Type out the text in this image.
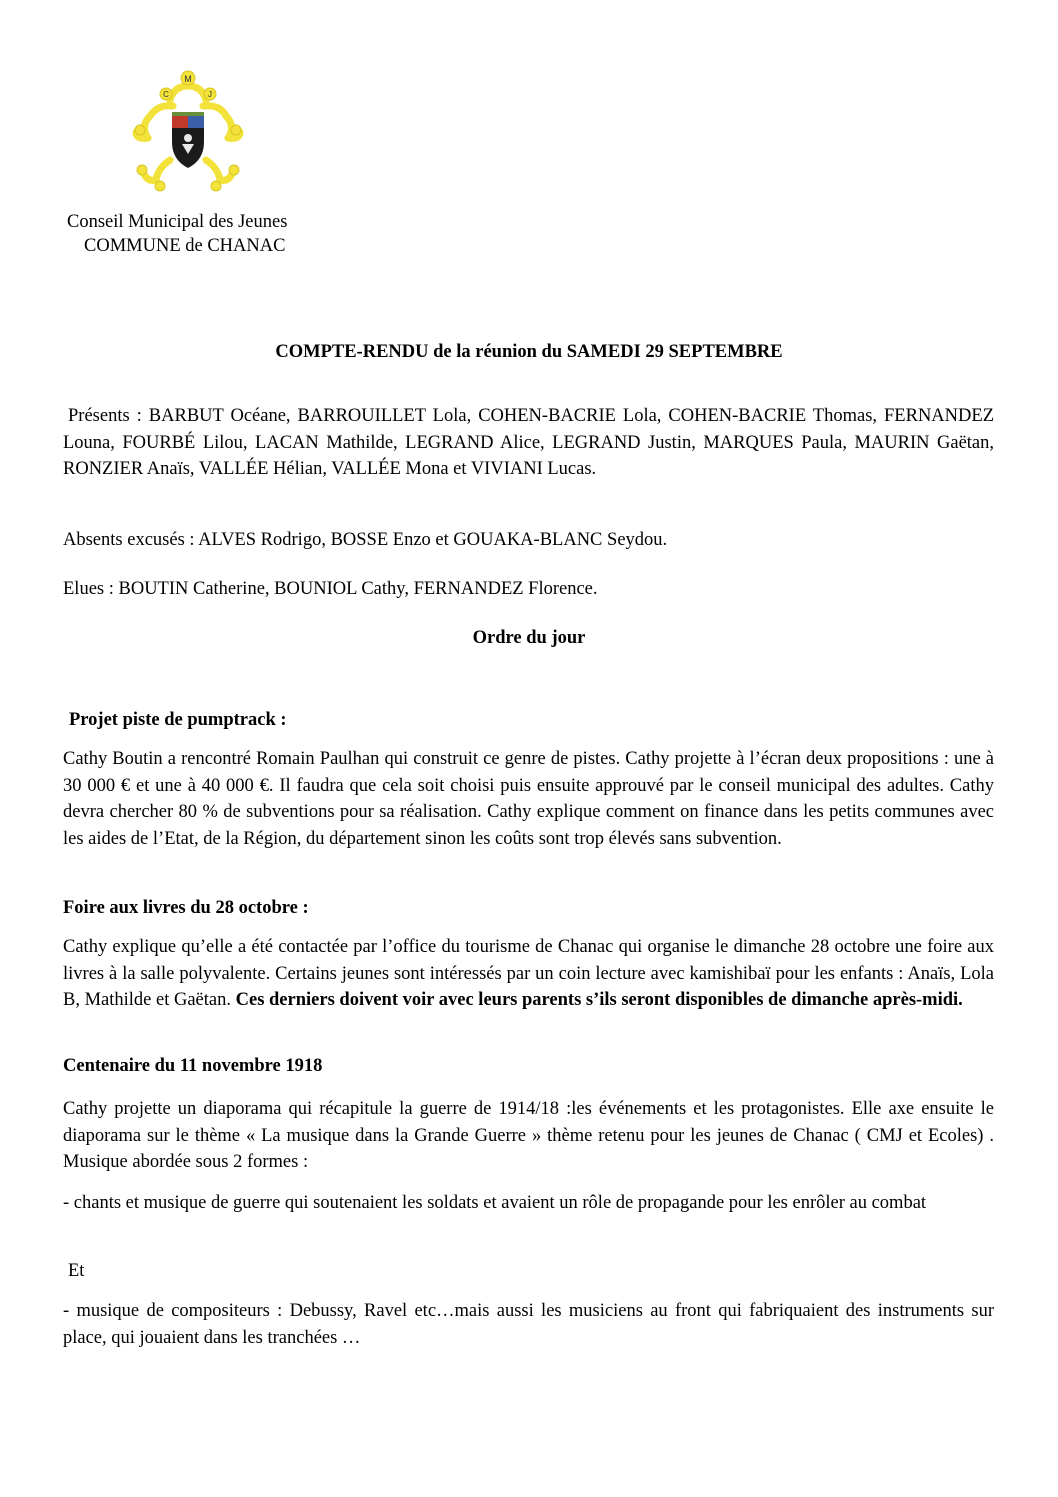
M
C	J
Conseil Municipal des Jeunes
COMMUNE de CHANAC
COMPTE-RENDU de la réunion du SAMEDI 29 SEPTEMBRE

Présents : BARBUT Océane, BARROUILLET Lola, COHEN-BACRIE Lola, COHEN-BACRIE Thomas, FERNANDEZ Louna, FOURBÉ Lilou, LACAN Mathilde, LEGRAND Alice, LEGRAND Justin, MARQUES Paula, MAURIN Gaëtan, RONZIER Anaïs, VALLÉE Hélian, VALLÉE Mona et VIVIANI Lucas.

Absents excusés : ALVES Rodrigo, BOSSE Enzo et GOUAKA-BLANC Seydou.

Elues : BOUTIN Catherine, BOUNIOL Cathy, FERNANDEZ Florence.

Ordre du jour
Projet piste de pumptrack :

Cathy Boutin a rencontré Romain Paulhan qui construit ce genre de pistes. Cathy projette à l’écran deux propositions : une à 30 000 € et une à 40 000 €. Il faudra que cela soit choisi puis ensuite approuvé par le conseil municipal des adultes. Cathy devra chercher 80 % de subventions pour sa réalisation. Cathy explique comment on finance dans les petits communes avec les aides de l’Etat, de la Région, du département sinon les coûts sont trop élevés sans subvention.

Foire aux livres du 28 octobre :

Cathy explique qu’elle a été contactée par l’office du tourisme de Chanac qui organise le dimanche 28 octobre une foire aux livres à la salle polyvalente. Certains jeunes sont intéressés par un coin lecture avec kamishibaï pour les enfants : Anaïs, Lola B, Mathilde et Gaëtan. Ces derniers doivent voir avec leurs parents s’ils seront disponibles de dimanche après-midi.

Centenaire du 11 novembre 1918

Cathy projette un diaporama qui récapitule la guerre de 1914/18 :les événements et les protagonistes. Elle axe ensuite le diaporama sur le thème « La musique dans la Grande Guerre » thème retenu pour les jeunes de Chanac ( CMJ et Ecoles) . Musique abordée sous 2 formes :

- chants et musique de guerre qui soutenaient les soldats et avaient un rôle de propagande pour les enrôler au combat

Et

- musique de compositeurs : Debussy, Ravel etc…mais aussi les musiciens au front qui fabriquaient des instruments sur place, qui jouaient dans les tranchées …
